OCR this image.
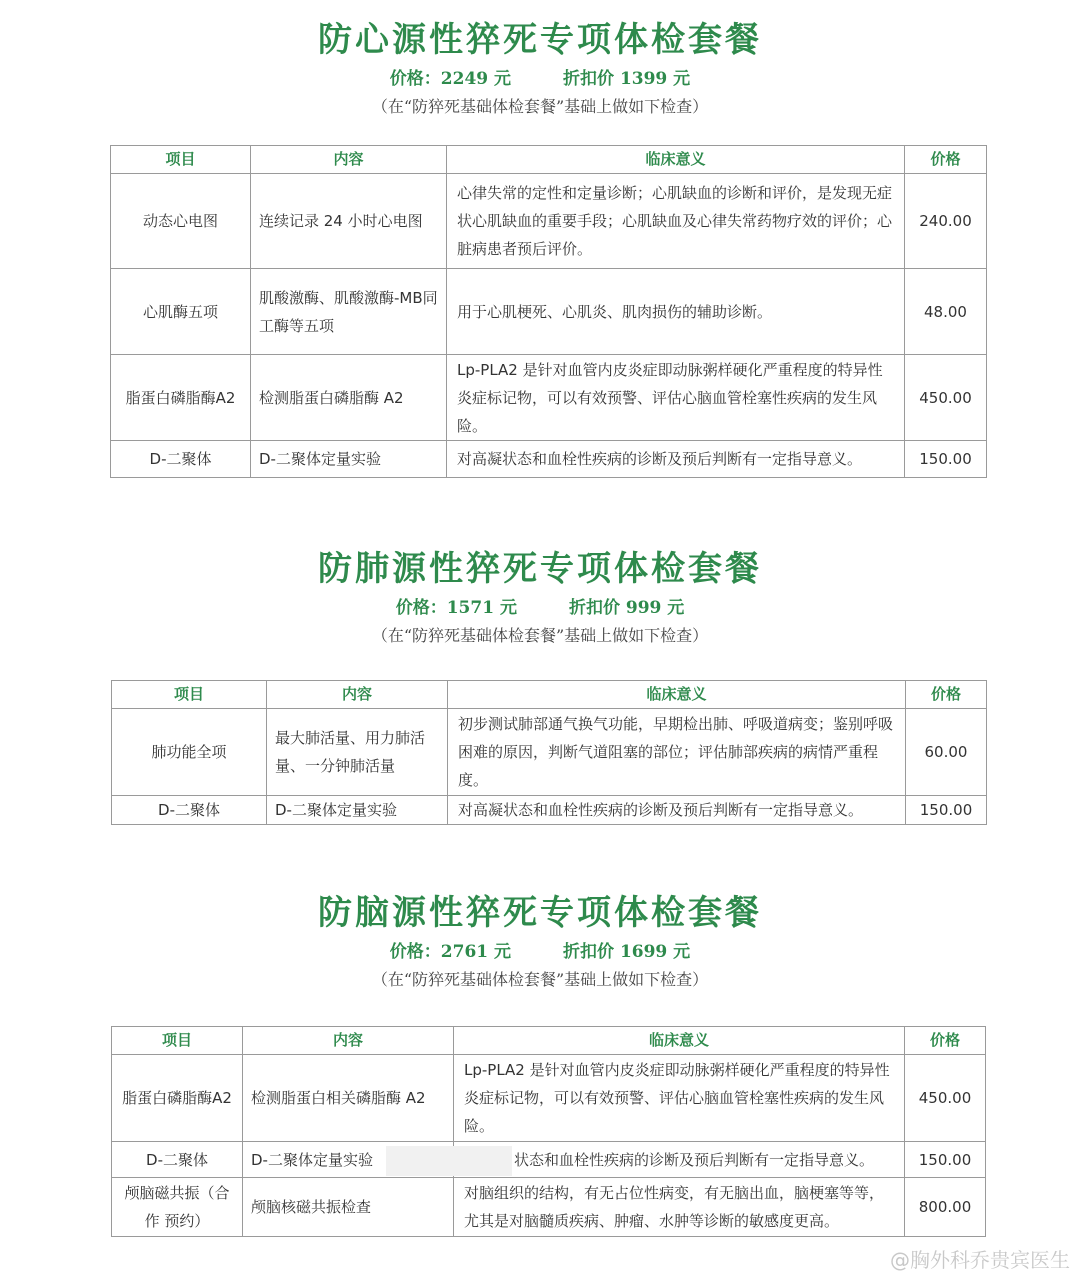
防心源性猝死专项体检套餐
价格：2249 元	折扣价 1399 元
（在“防猝死基础体检套餐”基础上做如下检查）
项目	内容	临床意义	价格
动态心电图	连续记录 24 小时心电图	心律失常的定性和定量诊断；心肌缺血的诊断和评价，是发现无症状心肌缺血的重要手段；心肌缺血及心律失常药物疗效的评价；心脏病患者预后评价。	240.00
心肌酶五项	肌酸激酶、肌酸激酶-MB同工酶等五项	用于心肌梗死、心肌炎、肌肉损伤的辅助诊断。	48.00
脂蛋白磷脂酶A2	检测脂蛋白磷脂酶 A2	Lp-PLA2 是针对血管内皮炎症即动脉粥样硬化严重程度的特异性炎症标记物，可以有效预警、评估心脑血管栓塞性疾病的发生风险。	450.00
D-二聚体	D-二聚体定量实验	对高凝状态和血栓性疾病的诊断及预后判断有一定指导意义。	150.00
防肺源性猝死专项体检套餐
价格：1571 元	折扣价 999 元
（在“防猝死基础体检套餐”基础上做如下检查）
项目	内容	临床意义	价格
肺功能全项	最大肺活量、用力肺活量、一分钟肺活量	初步测试肺部通气换气功能，早期检出肺、呼吸道病变；鉴别呼吸困难的原因，判断气道阻塞的部位；评估肺部疾病的病情严重程度。	60.00
D-二聚体	D-二聚体定量实验	对高凝状态和血栓性疾病的诊断及预后判断有一定指导意义。	150.00
防脑源性猝死专项体检套餐
价格：2761 元	折扣价 1699 元
（在“防猝死基础体检套餐”基础上做如下检查）
项目	内容	临床意义	价格
脂蛋白磷脂酶A2	检测脂蛋白相关磷脂酶 A2	Lp-PLA2 是针对血管内皮炎症即动脉粥样硬化严重程度的特异性炎症标记物，可以有效预警、评估心脑血管栓塞性疾病的发生风险。	450.00
D-二聚体	D-二聚体定量实验	状态和血栓性疾病的诊断及预后判断有一定指导意义。	150.00
颅脑磁共振（合作 预约）	颅脑核磁共振检查	对脑组织的结构，有无占位性病变，有无脑出血，脑梗塞等等，尤其是对脑髓质疾病、肿瘤、水肿等诊断的敏感度更高。	800.00
@胸外科乔贵宾医生
